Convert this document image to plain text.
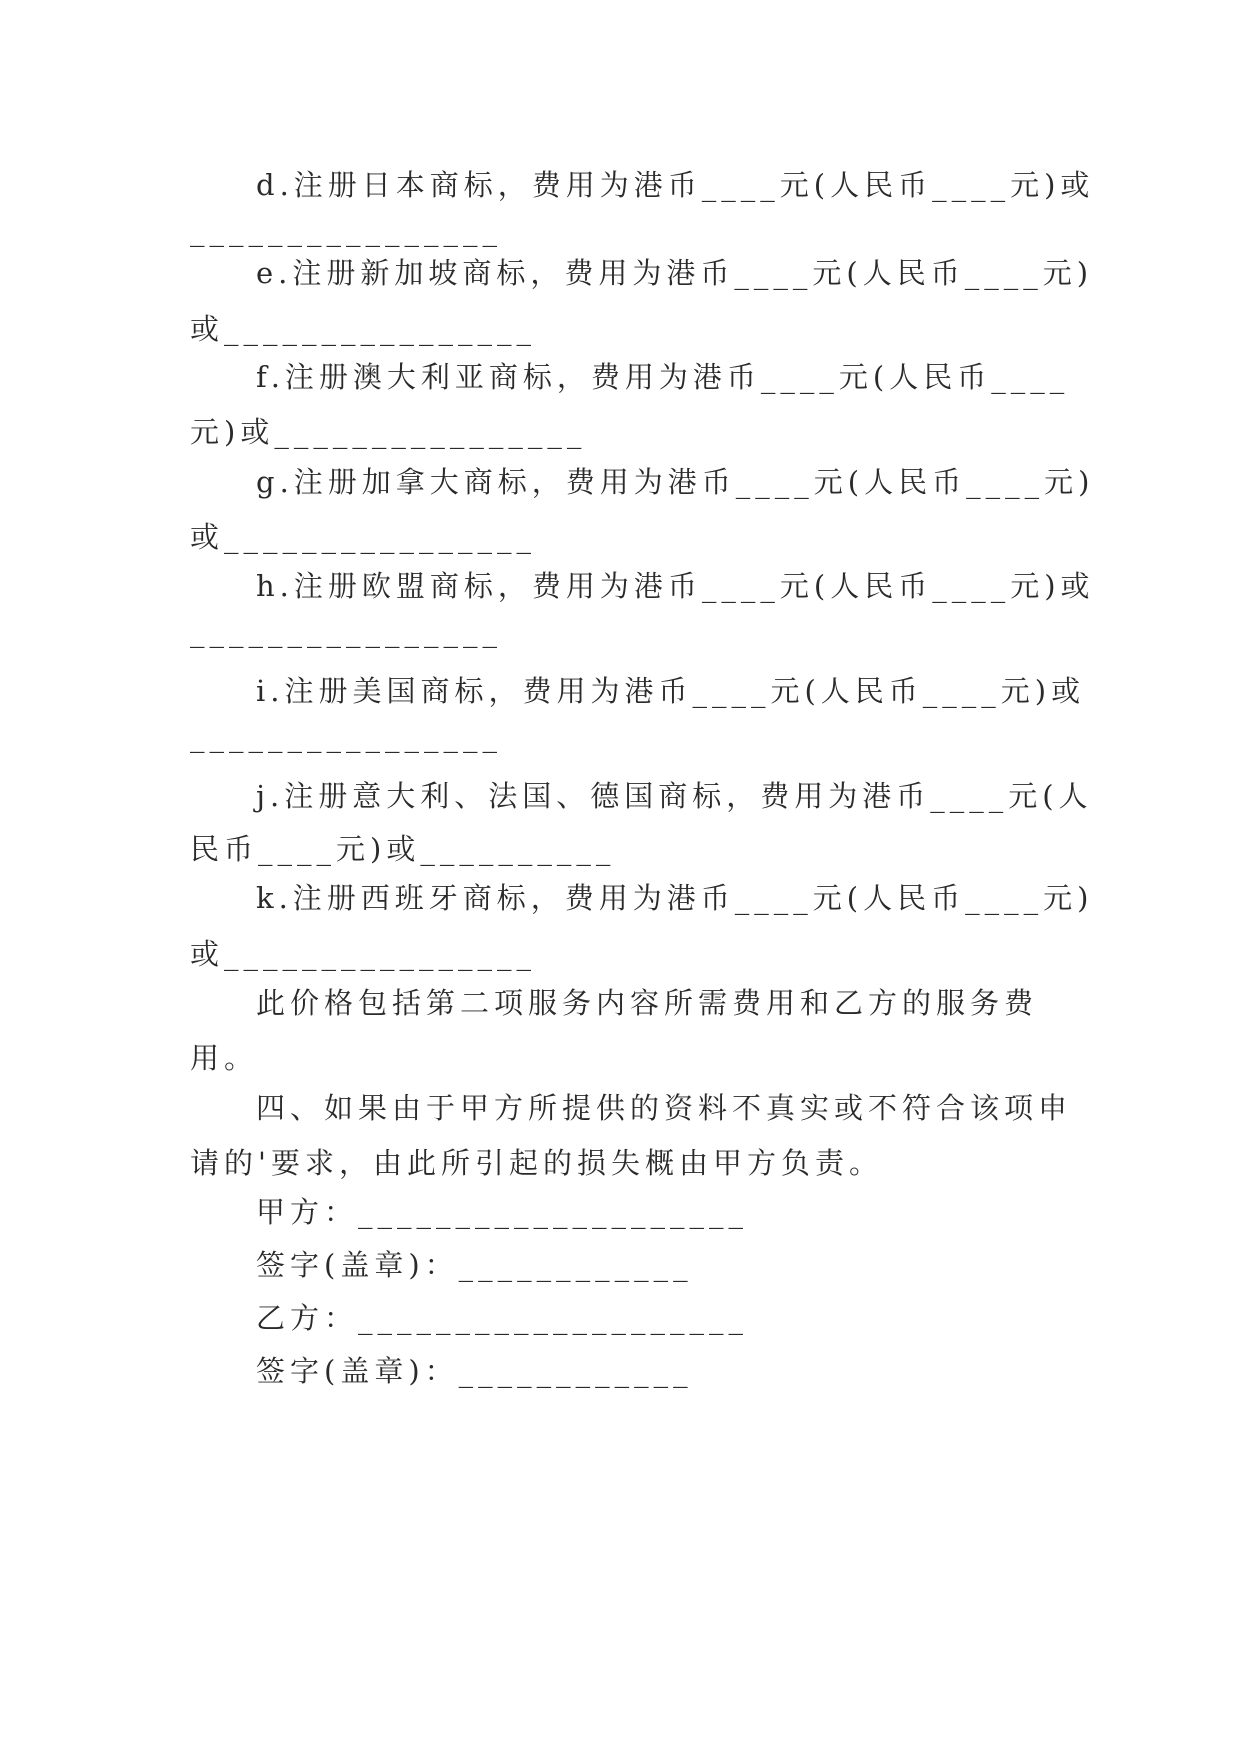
d.注册日本商标，费用为港币____元(人民币____元)或

________________

e.注册新加坡商标，费用为港币____元(人民币____元)

或________________

f.注册澳大利亚商标，费用为港币____元(人民币____

元)或________________

g.注册加拿大商标，费用为港币____元(人民币____元)

或________________

h.注册欧盟商标，费用为港币____元(人民币____元)或

________________

i.注册美国商标，费用为港币____元(人民币____元)或

________________

j.注册意大利、法国、德国商标，费用为港币____元(人

民币____元)或__________

k.注册西班牙商标，费用为港币____元(人民币____元)

或________________

此价格包括第二项服务内容所需费用和乙方的服务费

用。

四、如果由于甲方所提供的资料不真实或不符合该项申

请的'要求，由此所引起的损失概由甲方负责。

甲方：____________________

签字(盖章)：____________

乙方：____________________

签字(盖章)：____________
